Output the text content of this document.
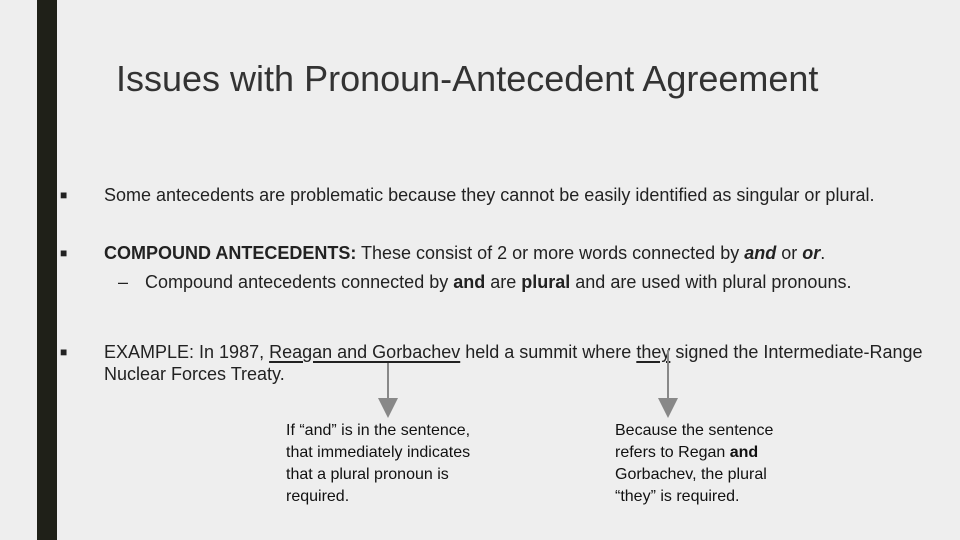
Issues with Pronoun-Antecedent Agreement
■ Some antecedents are problematic because they cannot be easily identified as singular or plural.
■ COMPOUND ANTECEDENTS: These consist of 2 or more words connected by and or or.
– Compound antecedents connected by and are plural and are used with plural pronouns.
■ EXAMPLE: In 1987, Reagan and Gorbachev held a summit where they signed the Intermediate-Range Nuclear Forces Treaty.
If “and” is in the sentence, that immediately indicates that a plural pronoun is required.
Because the sentence refers to Regan and Gorbachev, the plural “they” is required.
